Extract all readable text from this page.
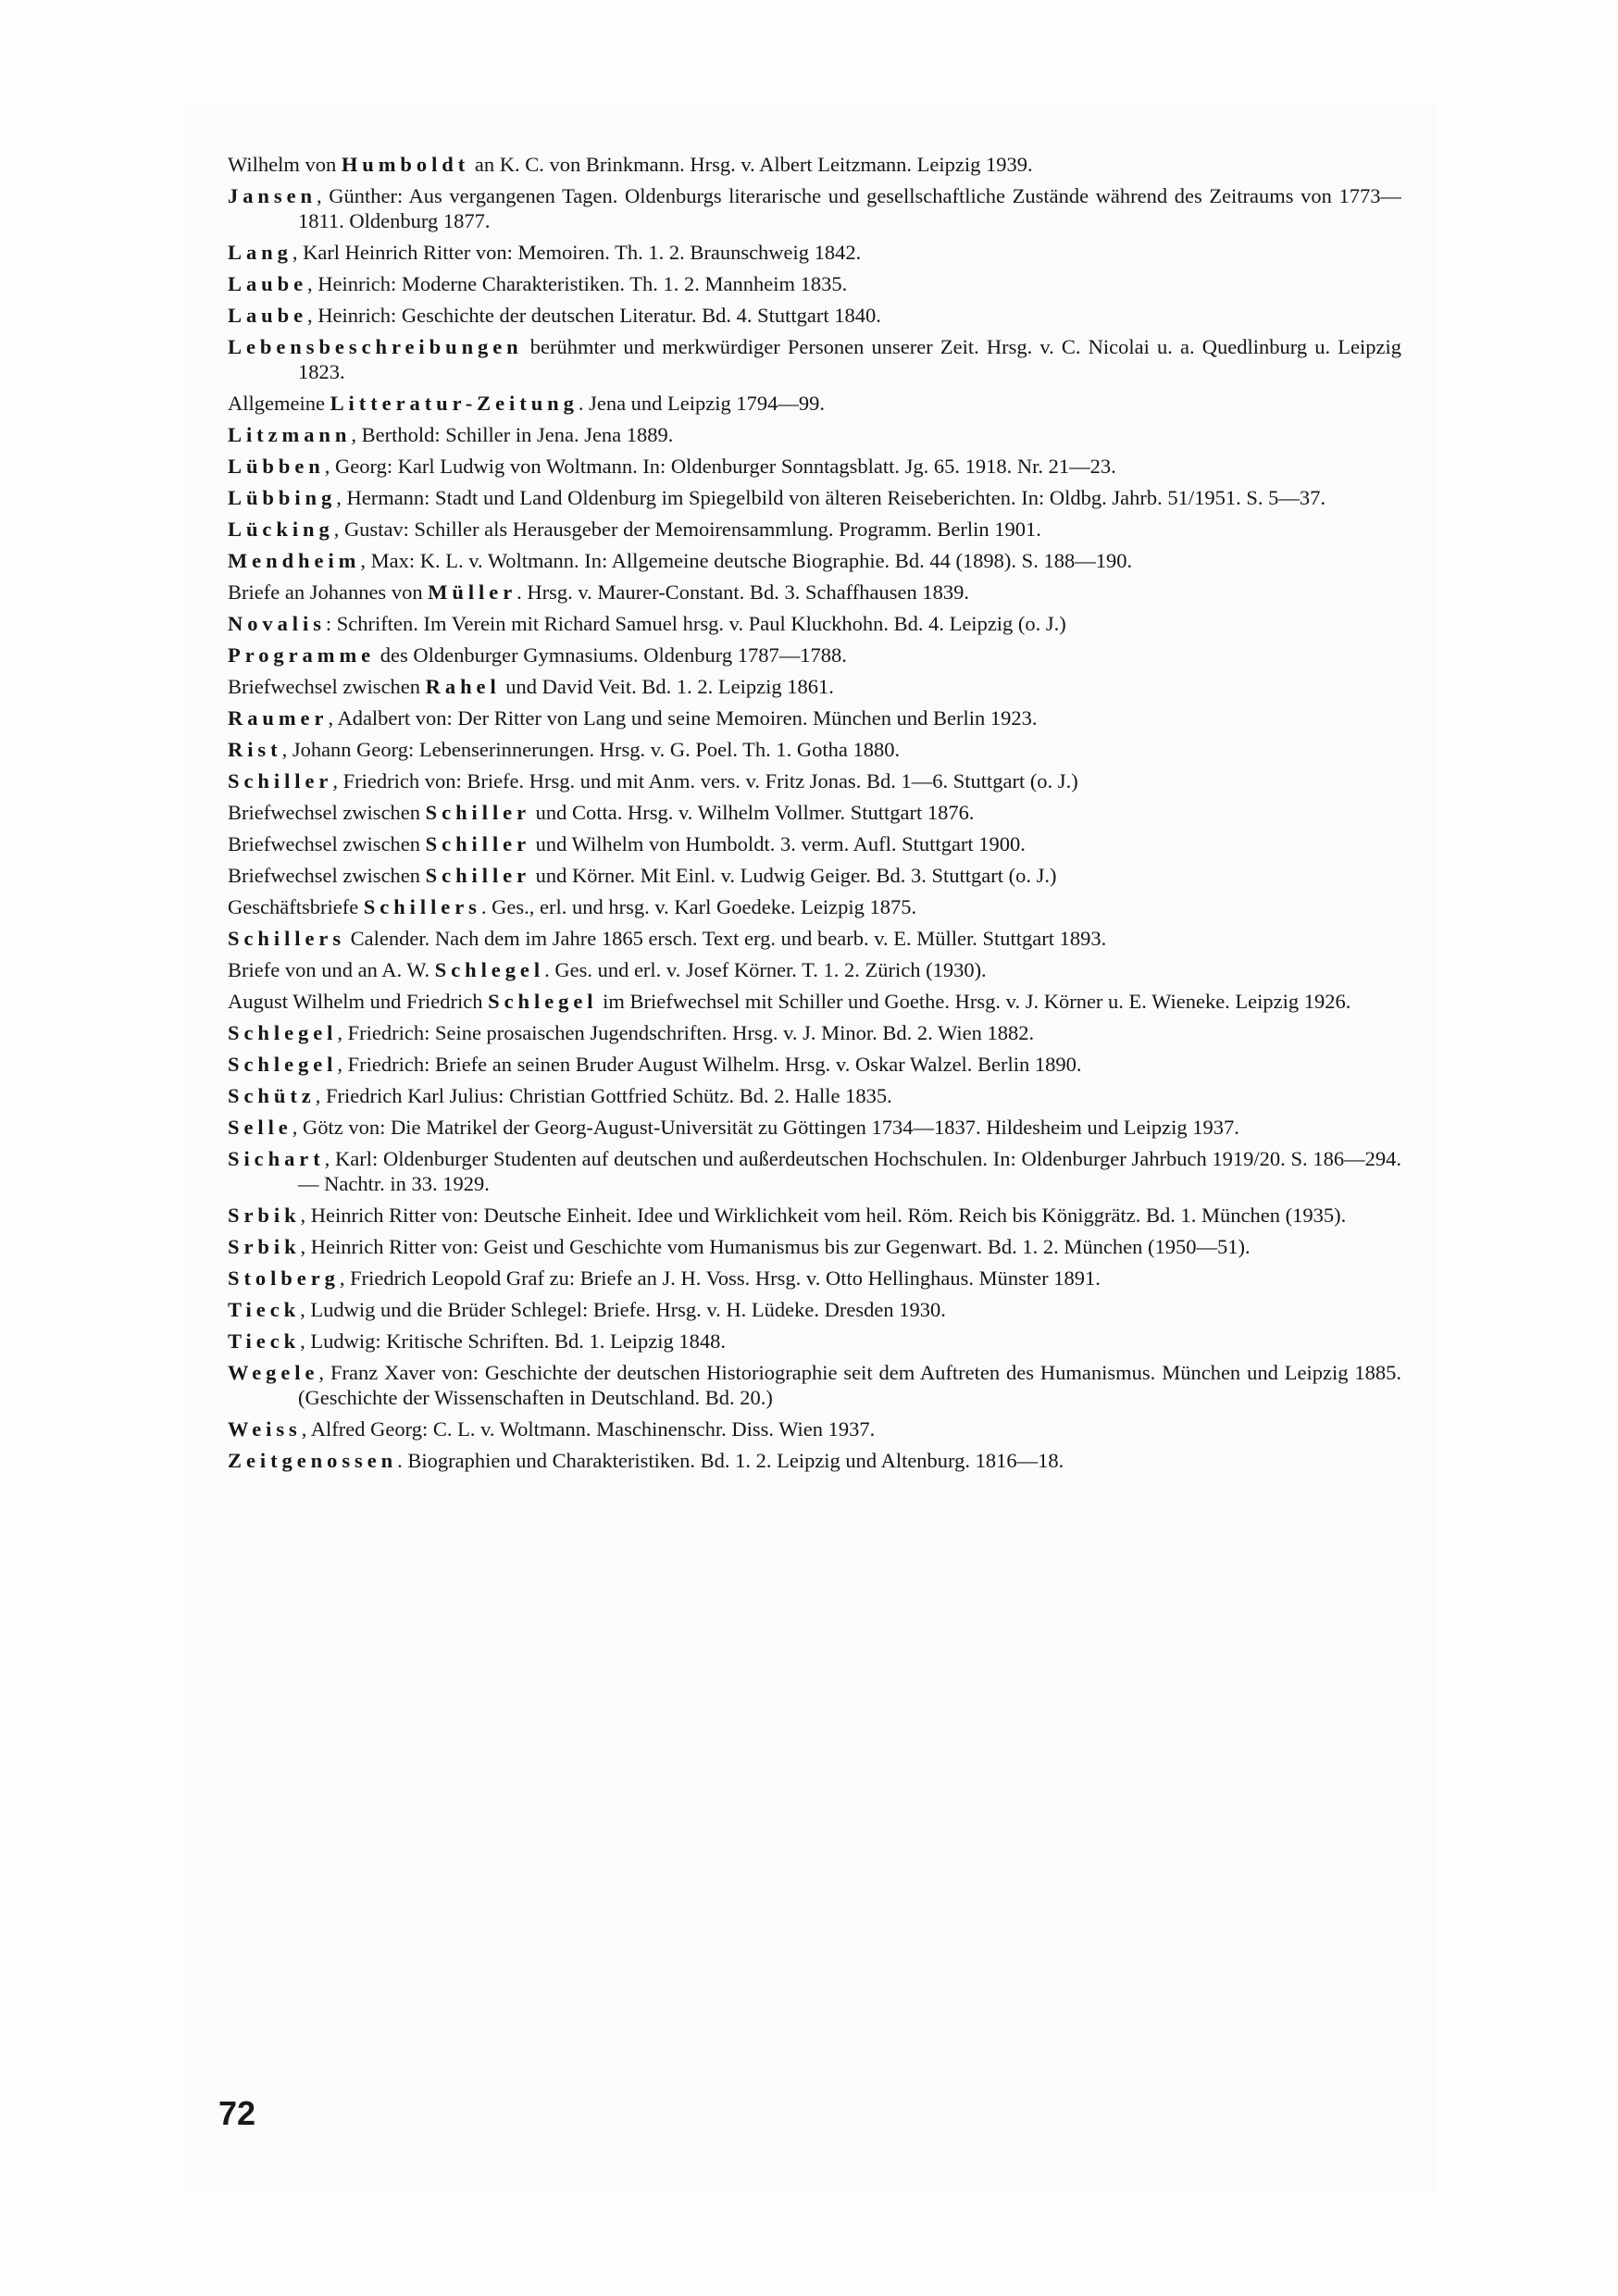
Wilhelm von Humboldt an K. C. von Brinkmann. Hrsg. v. Albert Leitzmann. Leipzig 1939.

Jansen, Günther: Aus vergangenen Tagen. Oldenburgs literarische und gesellschaftliche Zustände während des Zeitraums von 1773—1811. Oldenburg 1877.

Lang, Karl Heinrich Ritter von: Memoiren. Th. 1. 2. Braunschweig 1842.

Laube, Heinrich: Moderne Charakteristiken. Th. 1. 2. Mannheim 1835.

Laube, Heinrich: Geschichte der deutschen Literatur. Bd. 4. Stuttgart 1840.

Lebensbeschreibungen berühmter und merkwürdiger Personen unserer Zeit. Hrsg. v. C. Nicolai u. a. Quedlinburg u. Leipzig 1823.

Allgemeine Litteratur-Zeitung. Jena und Leipzig 1794—99.

Litzmann, Berthold: Schiller in Jena. Jena 1889.

Lübben, Georg: Karl Ludwig von Woltmann. In: Oldenburger Sonntagsblatt. Jg. 65. 1918. Nr. 21—23.

Lübbing, Hermann: Stadt und Land Oldenburg im Spiegelbild von älteren Reiseberichten. In: Oldbg. Jahrb. 51/1951. S. 5—37.

Lücking, Gustav: Schiller als Herausgeber der Memoirensammlung. Programm. Berlin 1901.

Mendheim, Max: K. L. v. Woltmann. In: Allgemeine deutsche Biographie. Bd. 44 (1898). S. 188—190.

Briefe an Johannes von Müller. Hrsg. v. Maurer-Constant. Bd. 3. Schaffhausen 1839.

Novalis: Schriften. Im Verein mit Richard Samuel hrsg. v. Paul Kluckhohn. Bd. 4. Leipzig (o. J.)

Programme des Oldenburger Gymnasiums. Oldenburg 1787—1788.

Briefwechsel zwischen Rahel und David Veit. Bd. 1. 2. Leipzig 1861.

Raumer, Adalbert von: Der Ritter von Lang und seine Memoiren. München und Berlin 1923.

Rist, Johann Georg: Lebenserinnerungen. Hrsg. v. G. Poel. Th. 1. Gotha 1880.

Schiller, Friedrich von: Briefe. Hrsg. und mit Anm. vers. v. Fritz Jonas. Bd. 1—6. Stuttgart (o. J.)

Briefwechsel zwischen Schiller und Cotta. Hrsg. v. Wilhelm Vollmer. Stuttgart 1876.

Briefwechsel zwischen Schiller und Wilhelm von Humboldt. 3. verm. Aufl. Stuttgart 1900.

Briefwechsel zwischen Schiller und Körner. Mit Einl. v. Ludwig Geiger. Bd. 3. Stuttgart (o. J.)

Geschäftsbriefe Schillers. Ges., erl. und hrsg. v. Karl Goedeke. Leizpig 1875.

Schillers Calender. Nach dem im Jahre 1865 ersch. Text erg. und bearb. v. E. Müller. Stuttgart 1893.

Briefe von und an A. W. Schlegel. Ges. und erl. v. Josef Körner. T. 1. 2. Zürich (1930).

August Wilhelm und Friedrich Schlegel im Briefwechsel mit Schiller und Goethe. Hrsg. v. J. Körner u. E. Wieneke. Leipzig 1926.

Schlegel, Friedrich: Seine prosaischen Jugendschriften. Hrsg. v. J. Minor. Bd. 2. Wien 1882.

Schlegel, Friedrich: Briefe an seinen Bruder August Wilhelm. Hrsg. v. Oskar Walzel. Berlin 1890.

Schütz, Friedrich Karl Julius: Christian Gottfried Schütz. Bd. 2. Halle 1835.

Selle, Götz von: Die Matrikel der Georg-August-Universität zu Göttingen 1734—1837. Hildesheim und Leipzig 1937.

Sichart, Karl: Oldenburger Studenten auf deutschen und außerdeutschen Hochschulen. In: Oldenburger Jahrbuch 1919/20. S. 186—294. — Nachtr. in 33. 1929.

Srbik, Heinrich Ritter von: Deutsche Einheit. Idee und Wirklichkeit vom heil. Röm. Reich bis Königgrätz. Bd. 1. München (1935).

Srbik, Heinrich Ritter von: Geist und Geschichte vom Humanismus bis zur Gegenwart. Bd. 1. 2. München (1950—51).

Stolberg, Friedrich Leopold Graf zu: Briefe an J. H. Voss. Hrsg. v. Otto Hellinghaus. Münster 1891.

Tieck, Ludwig und die Brüder Schlegel: Briefe. Hrsg. v. H. Lüdeke. Dresden 1930.

Tieck, Ludwig: Kritische Schriften. Bd. 1. Leipzig 1848.

Wegele, Franz Xaver von: Geschichte der deutschen Historiographie seit dem Auftreten des Humanismus. München und Leipzig 1885. (Geschichte der Wissenschaften in Deutschland. Bd. 20.)

Weiss, Alfred Georg: C. L. v. Woltmann. Maschinenschr. Diss. Wien 1937.

Zeitgenossen. Biographien und Charakteristiken. Bd. 1. 2. Leipzig und Altenburg. 1816—18.

72
